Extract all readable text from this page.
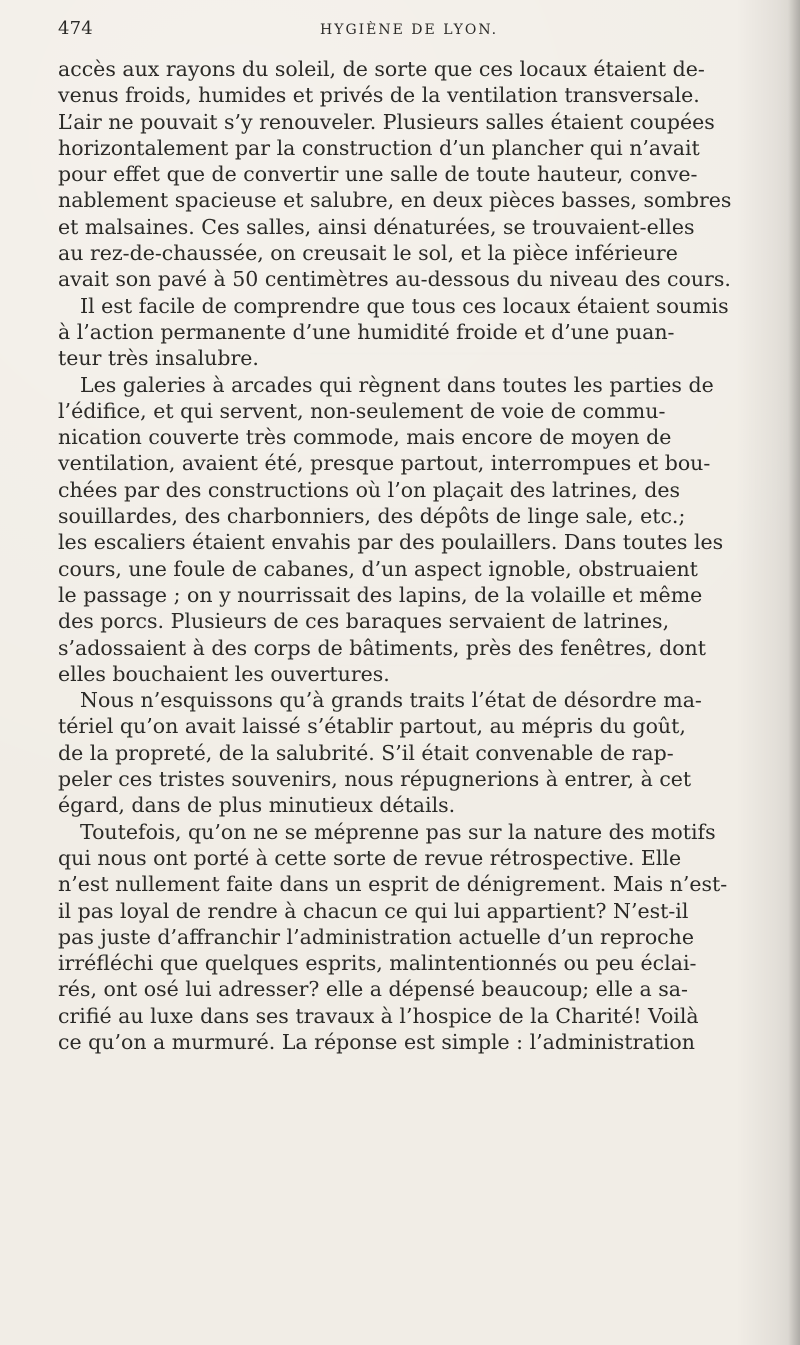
474	HYGIÈNE DE LYON.
accès aux rayons du soleil, de sorte que ces locaux étaient de-
venus froids, humides et privés de la ventilation transversale.
L’air ne pouvait s’y renouveler. Plusieurs salles étaient coupées
horizontalement par la construction d’un plancher qui n’avait
pour effet que de convertir une salle de toute hauteur, conve-
nablement spacieuse et salubre, en deux pièces basses, sombres
et malsaines. Ces salles, ainsi dénaturées, se trouvaient-elles
au rez-de-chaussée, on creusait le sol, et la pièce inférieure
avait son pavé à 50 centimètres au-dessous du niveau des cours.
Il est facile de comprendre que tous ces locaux étaient soumis
à l’action permanente d’une humidité froide et d’une puan-
teur très insalubre.
Les galeries à arcades qui règnent dans toutes les parties de
l’édifice, et qui servent, non-seulement de voie de commu-
nication couverte très commode, mais encore de moyen de
ventilation, avaient été, presque partout, interrompues et bou-
chées par des constructions où l’on plaçait des latrines, des
souillardes, des charbonniers, des dépôts de linge sale, etc.;
les escaliers étaient envahis par des poulaillers. Dans toutes les
cours, une foule de cabanes, d’un aspect ignoble, obstruaient
le passage ; on y nourrissait des lapins, de la volaille et même
des porcs. Plusieurs de ces baraques servaient de latrines,
s’adossaient à des corps de bâtiments, près des fenêtres, dont
elles bouchaient les ouvertures.
Nous n’esquissons qu’à grands traits l’état de désordre ma-
tériel qu’on avait laissé s’établir partout, au mépris du goût,
de la propreté, de la salubrité. S’il était convenable de rap-
peler ces tristes souvenirs, nous répugnerions à entrer, à cet
égard, dans de plus minutieux détails.
Toutefois, qu’on ne se méprenne pas sur la nature des motifs
qui nous ont porté à cette sorte de revue rétrospective. Elle
n’est nullement faite dans un esprit de dénigrement. Mais n’est-
il pas loyal de rendre à chacun ce qui lui appartient? N’est-il
pas juste d’affranchir l’administration actuelle d’un reproche
irréfléchi que quelques esprits, malintentionnés ou peu éclai-
rés, ont osé lui adresser? elle a dépensé beaucoup; elle a sa-
crifié au luxe dans ses travaux à l’hospice de la Charité! Voilà
ce qu’on a murmuré. La réponse est simple : l’administration
